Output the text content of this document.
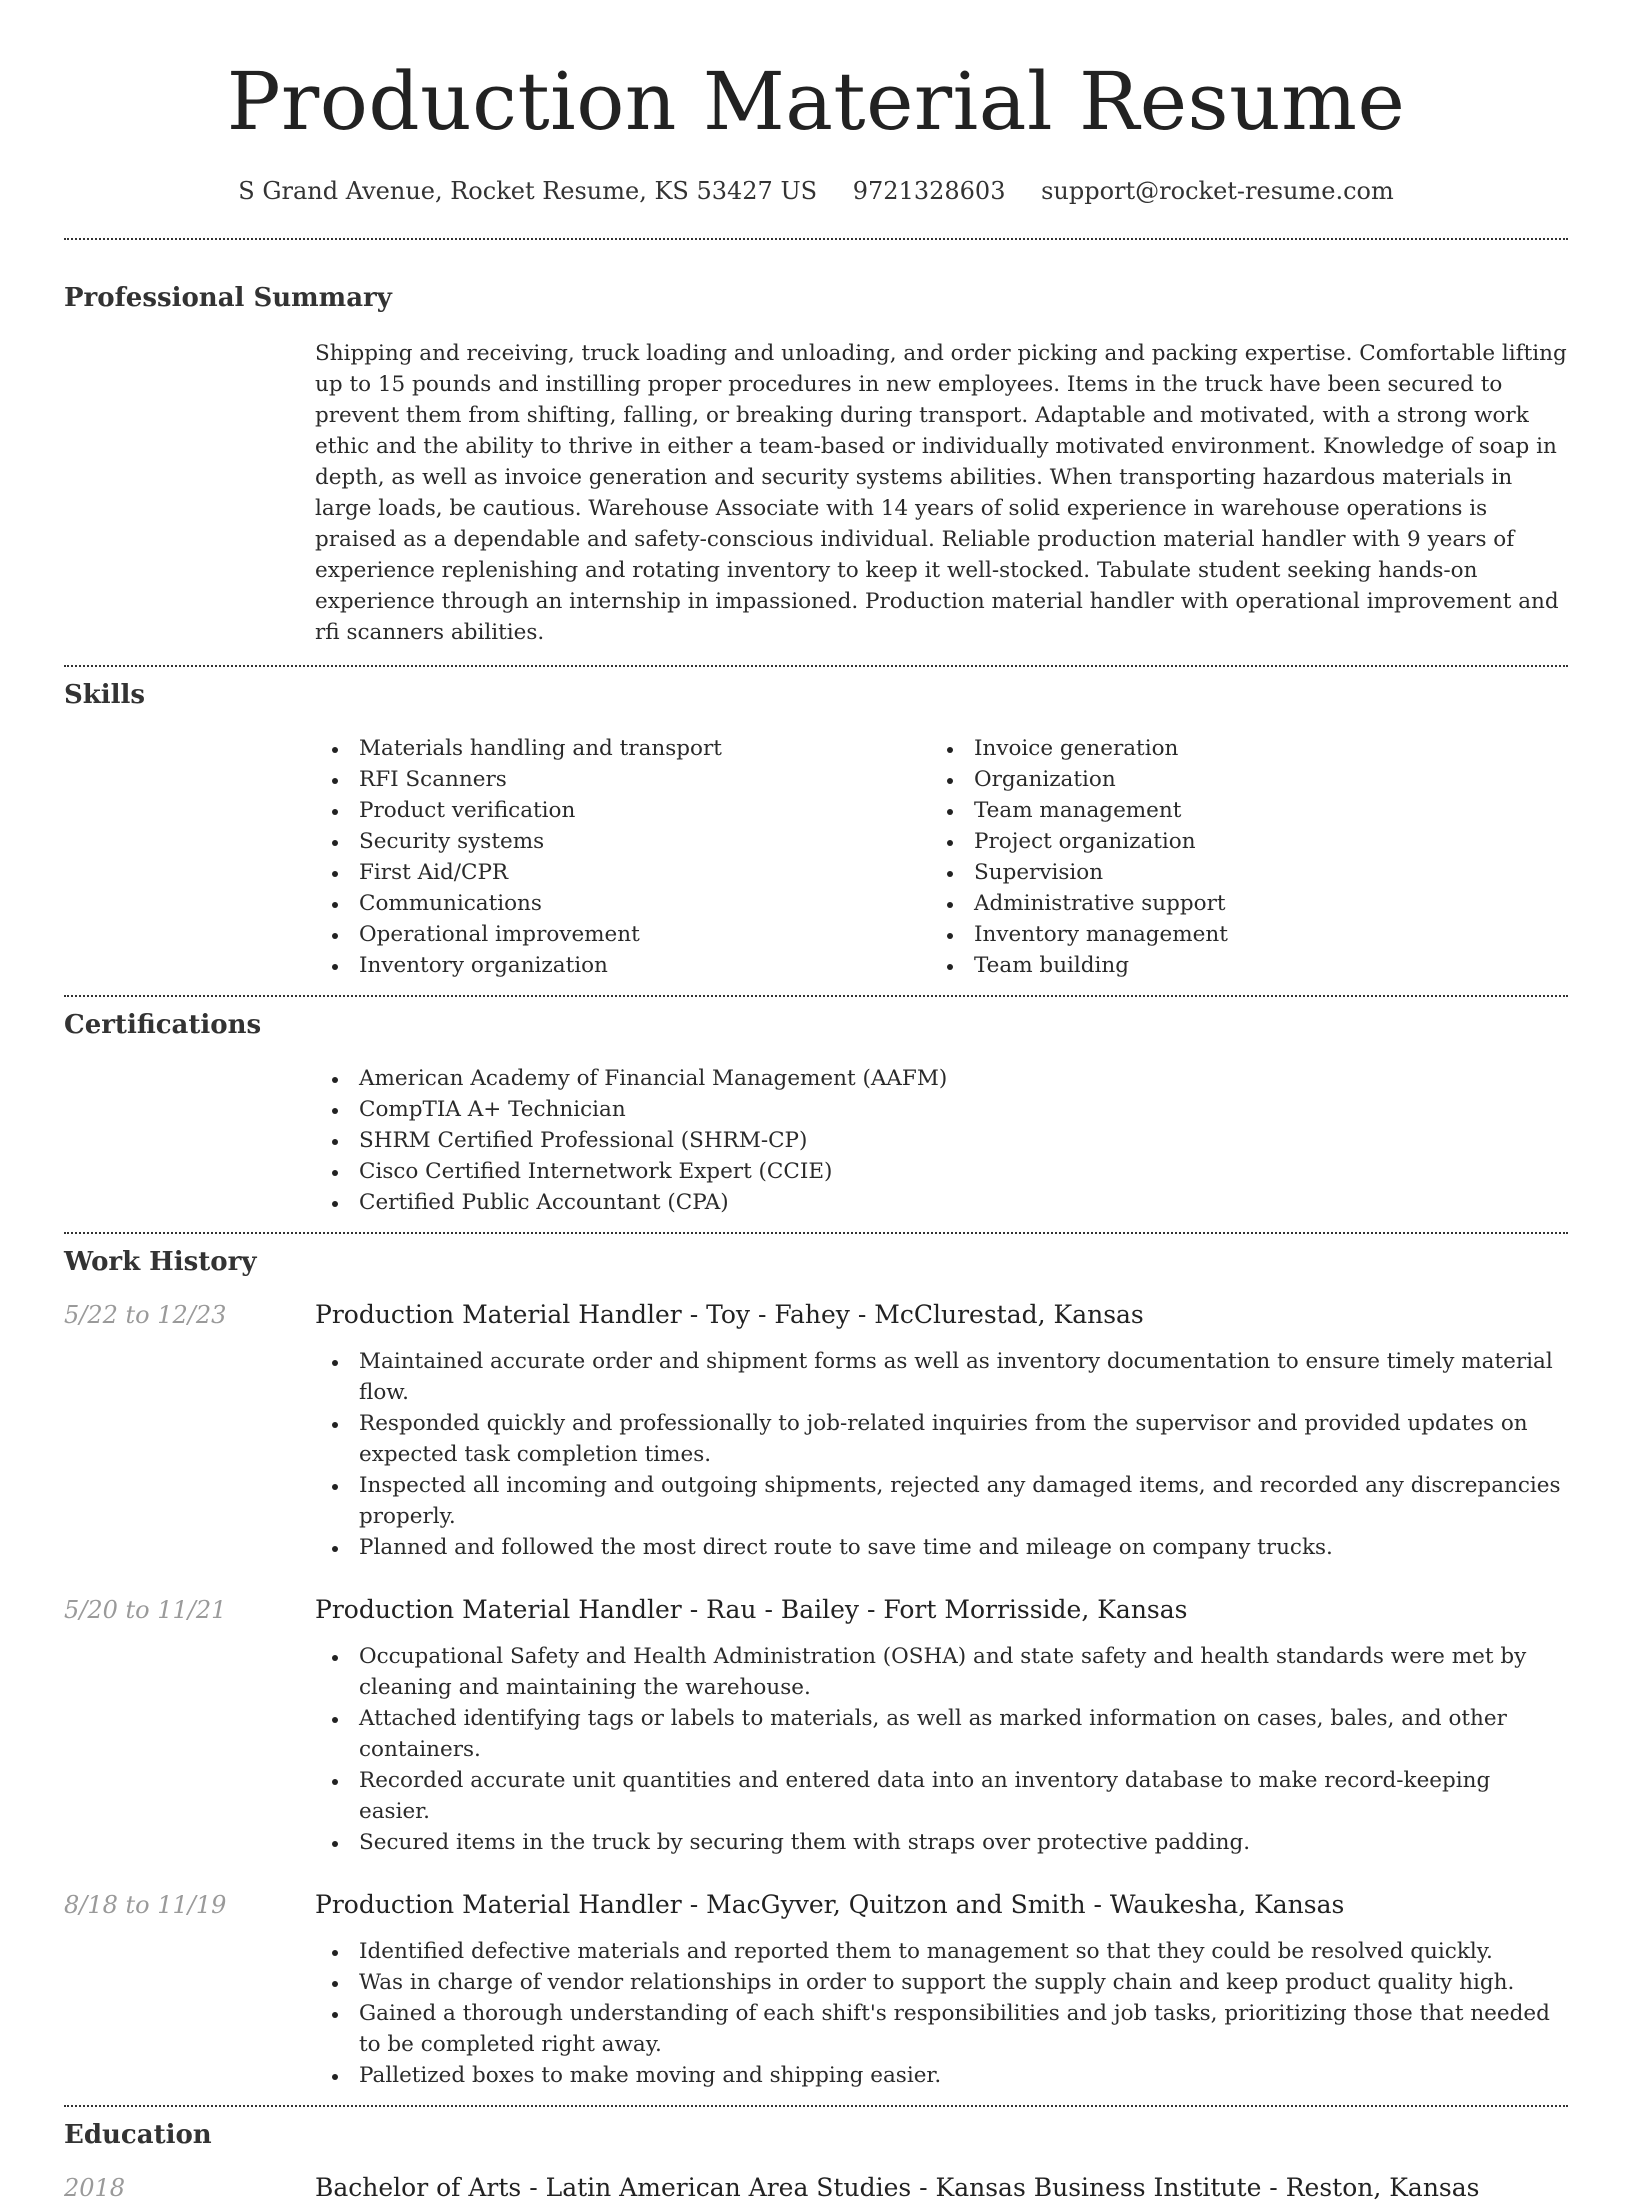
Production Material Resume
S Grand Avenue, Rocket Resume, KS 53427 US 9721328603 support@rocket-resume.com
Professional Summary

Shipping and receiving, truck loading and unloading, and order picking and packing expertise. Comfortable lifting up to 15 pounds and instilling proper procedures in new employees. Items in the truck have been secured to prevent them from shifting, falling, or breaking during transport. Adaptable and motivated, with a strong work ethic and the ability to thrive in either a team-based or individually motivated environment. Knowledge of soap in depth, as well as invoice generation and security systems abilities. When transporting hazardous materials in large loads, be cautious. Warehouse Associate with 14 years of solid experience in warehouse operations is praised as a dependable and safety-conscious individual. Reliable production material handler with 9 years of experience replenishing and rotating inventory to keep it well-stocked. Tabulate student seeking hands-on experience through an internship in impassioned. Production material handler with operational improvement and rfi scanners abilities.

Skills
Materials handling and transport
RFI Scanners
Product verification
Security systems
First Aid/CPR
Communications
Operational improvement
Inventory organization
Invoice generation
Organization
Team management
Project organization
Supervision
Administrative support
Inventory management
Team building
Certifications
American Academy of Financial Management (AAFM)
CompTIA A+ Technician
SHRM Certified Professional (SHRM-CP)
Cisco Certified Internetwork Expert (CCIE)
Certified Public Accountant (CPA)
Work History
5/22 to 12/23	Production Material Handler - Toy - Fahey - McClurestad, Kansas
Maintained accurate order and shipment forms as well as inventory documentation to ensure timely material flow.
Responded quickly and professionally to job-related inquiries from the supervisor and provided updates on expected task completion times.
Inspected all incoming and outgoing shipments, rejected any damaged items, and recorded any discrepancies properly.
Planned and followed the most direct route to save time and mileage on company trucks.
5/20 to 11/21	Production Material Handler - Rau - Bailey - Fort Morrisside, Kansas
Occupational Safety and Health Administration (OSHA) and state safety and health standards were met by cleaning and maintaining the warehouse.
Attached identifying tags or labels to materials, as well as marked information on cases, bales, and other containers.
Recorded accurate unit quantities and entered data into an inventory database to make record-keeping easier.
Secured items in the truck by securing them with straps over protective padding.
8/18 to 11/19	Production Material Handler - MacGyver, Quitzon and Smith - Waukesha, Kansas
Identified defective materials and reported them to management so that they could be resolved quickly.
Was in charge of vendor relationships in order to support the supply chain and keep product quality high.
Gained a thorough understanding of each shift's responsibilities and job tasks, prioritizing those that needed to be completed right away.
Palletized boxes to make moving and shipping easier.
Education
2018	Bachelor of Arts - Latin American Area Studies - Kansas Business Institute - Reston, Kansas
